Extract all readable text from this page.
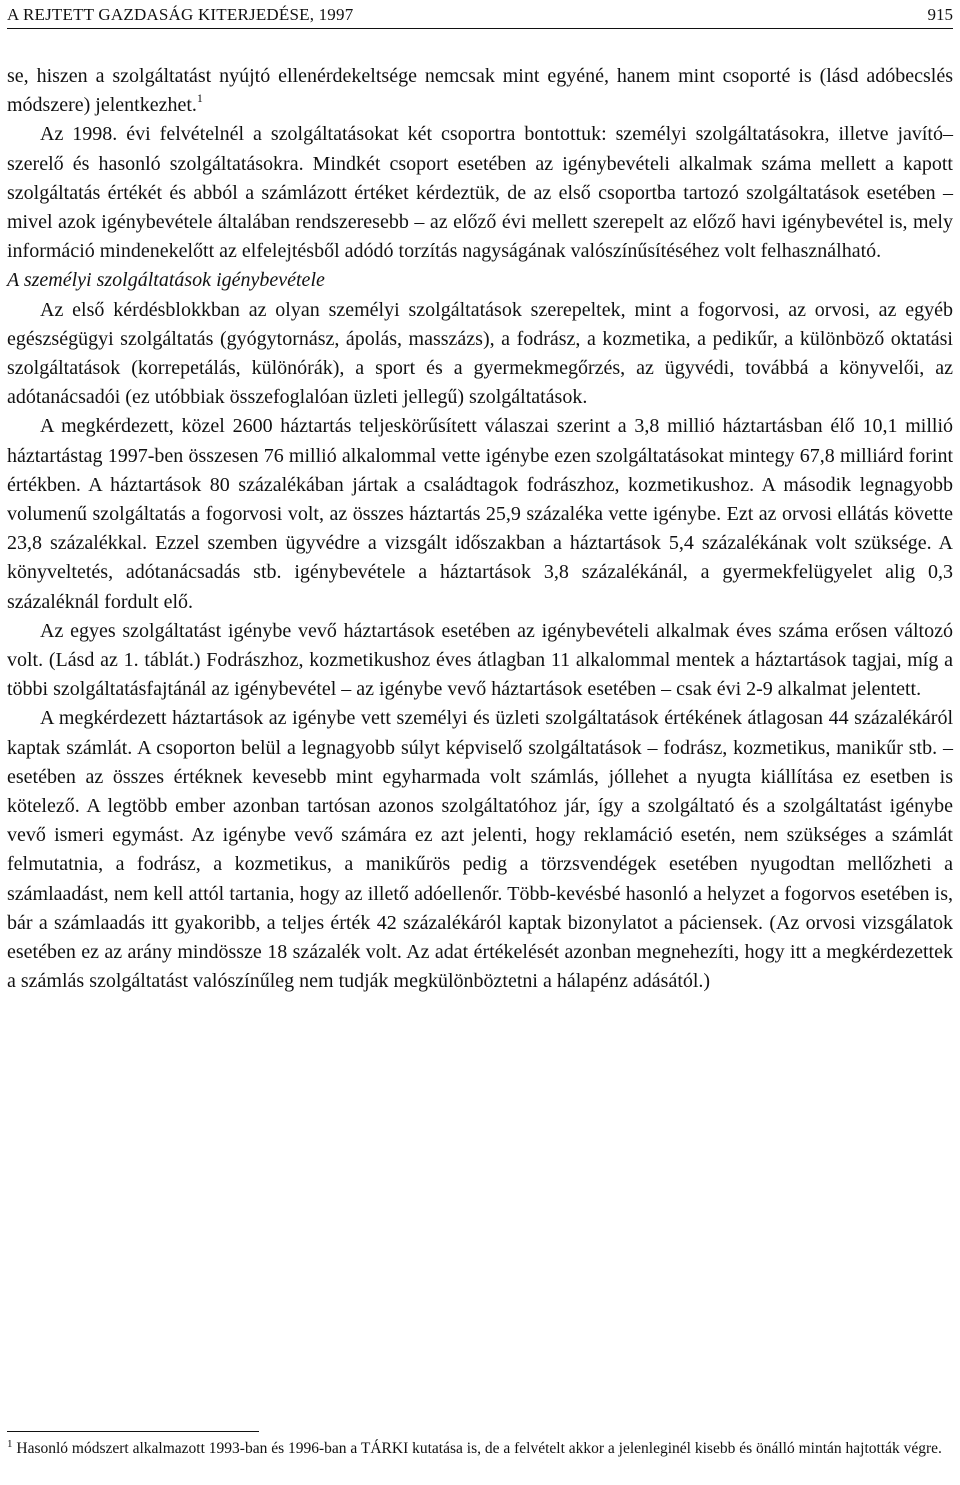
A REJTETT GAZDASÁG KITERJEDÉSE, 1997	915

se, hiszen a szolgáltatást nyújtó ellenérdekeltsége nemcsak mint egyéné, hanem mint csoporté is (lásd adóbecslés módszere) jelentkezhet.$^1$

Az 1998. évi felvételnél a szolgáltatásokat két csoportra bontottuk: személyi szolgáltatásokra, illetve javító–szerelő és hasonló szolgáltatásokra. Mindkét csoport esetében az igénybevételi alkalmak száma mellett a kapott szolgáltatás értékét és abból a számlázott értéket kérdeztük, de az első csoportba tartozó szolgáltatások esetében – mivel azok igénybevétele általában rendszeresebb – az előző évi mellett szerepelt az előző havi igénybevétel is, mely információ mindenekelőtt az elfelejtésből adódó torzítás nagyságának valószínűsítéséhez volt felhasználható.

A személyi szolgáltatások igénybevétele

Az első kérdésblokkban az olyan személyi szolgáltatások szerepeltek, mint a fogorvosi, az orvosi, az egyéb egészségügyi szolgáltatás (gyógytornász, ápolás, masszázs), a fodrász, a kozmetika, a pedikűr, a különböző oktatási szolgáltatások (korrepetálás, különórák), a sport és a gyermekmegőrzés, az ügyvédi, továbbá a könyvelői, az adótanácsadói (ez utóbbiak összefoglalóan üzleti jellegű) szolgáltatások.

A megkérdezett, közel 2600 háztartás teljeskörűsített válaszai szerint a 3,8 millió háztartásban élő 10,1 millió háztartástag 1997-ben összesen 76 millió alkalommal vette igénybe ezen szolgáltatásokat mintegy 67,8 milliárd forint értékben. A háztartások 80 százalékában jártak a családtagok fodrászhoz, kozmetikushoz. A második legnagyobb volumenű szolgáltatás a fogorvosi volt, az összes háztartás 25,9 százaléka vette igénybe. Ezt az orvosi ellátás követte 23,8 százalékkal. Ezzel szemben ügyvédre a vizsgált időszakban a háztartások 5,4 százalékának volt szüksége. A könyveltetés, adótanácsadás stb. igénybevétele a háztartások 3,8 százalékánál, a gyermekfelügyelet alig 0,3 százaléknál fordult elő.

Az egyes szolgáltatást igénybe vevő háztartások esetében az igénybevételi alkalmak éves száma erősen változó volt. (Lásd az 1. táblát.) Fodrászhoz, kozmetikushoz éves átlagban 11 alkalommal mentek a háztartások tagjai, míg a többi szolgáltatásfajtánál az igénybevétel – az igénybe vevő háztartások esetében – csak évi 2-9 alkalmat jelentett.

A megkérdezett háztartások az igénybe vett személyi és üzleti szolgáltatások értékének átlagosan 44 százalékáról kaptak számlát. A csoporton belül a legnagyobb súlyt képviselő szolgáltatások – fodrász, kozmetikus, manikűr stb. – esetében az összes értéknek kevesebb mint egyharmada volt számlás, jóllehet a nyugta kiállítása ez esetben is kötelező. A legtöbb ember azonban tartósan azonos szolgáltatóhoz jár, így a szolgáltató és a szolgáltatást igénybe vevő ismeri egymást. Az igénybe vevő számára ez azt jelenti, hogy reklamáció esetén, nem szükséges a számlát felmutatnia, a fodrász, a kozmetikus, a manikűrös pedig a törzsvendégek esetében nyugodtan mellőzheti a számlaadást, nem kell attól tartania, hogy az illető adóellenőr. Több-kevésbé hasonló a helyzet a fogorvos esetében is, bár a számlaadás itt gyakoribb, a teljes érték 42 százalékáról kaptak bizonylatot a páciensek. (Az orvosi vizsgálatok esetében ez az arány mindössze 18 százalék volt. Az adat értékelését azonban megnehezíti, hogy itt a megkérdezettek a számlás szolgáltatást valószínűleg nem tudják megkülönböztetni a hálapénz adásától.)

$^1$ Hasonló módszert alkalmazott 1993-ban és 1996-ban a TÁRKI kutatása is, de a felvételt akkor a jelenleginél kisebb és önálló mintán hajtották végre.
